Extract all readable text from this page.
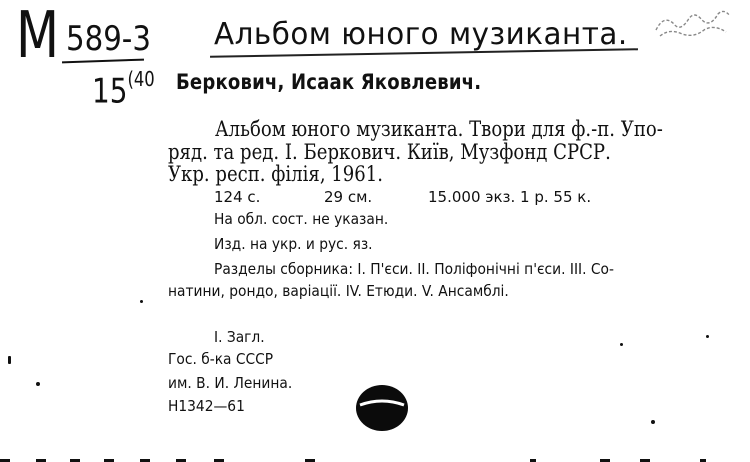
М 589-3
15$^{(40}$
Альбом юного музиканта.
Беркович, Исаак Яковлевич.
Альбом юного музиканта. Твори для ф.-п. Упо-
ряд. та ред. І. Беркович. Київ, Музфонд СРСР.
Укр. респ. філія, 1961.
124 с.	29 см.	15.000 экз. 1 р. 55 к.
На обл. сост. не указан.
Изд. на укр. и рус. яз.
Разделы сборника: І. П'єси. ІІ. Поліфонічні п'єси. ІІІ. Со-
натини, рондо, варіації. IV. Етюди. V. Ансамблі.
І. Загл.
Гос. б-ка СССР
им. В. И. Ленина.
Н1342—61
